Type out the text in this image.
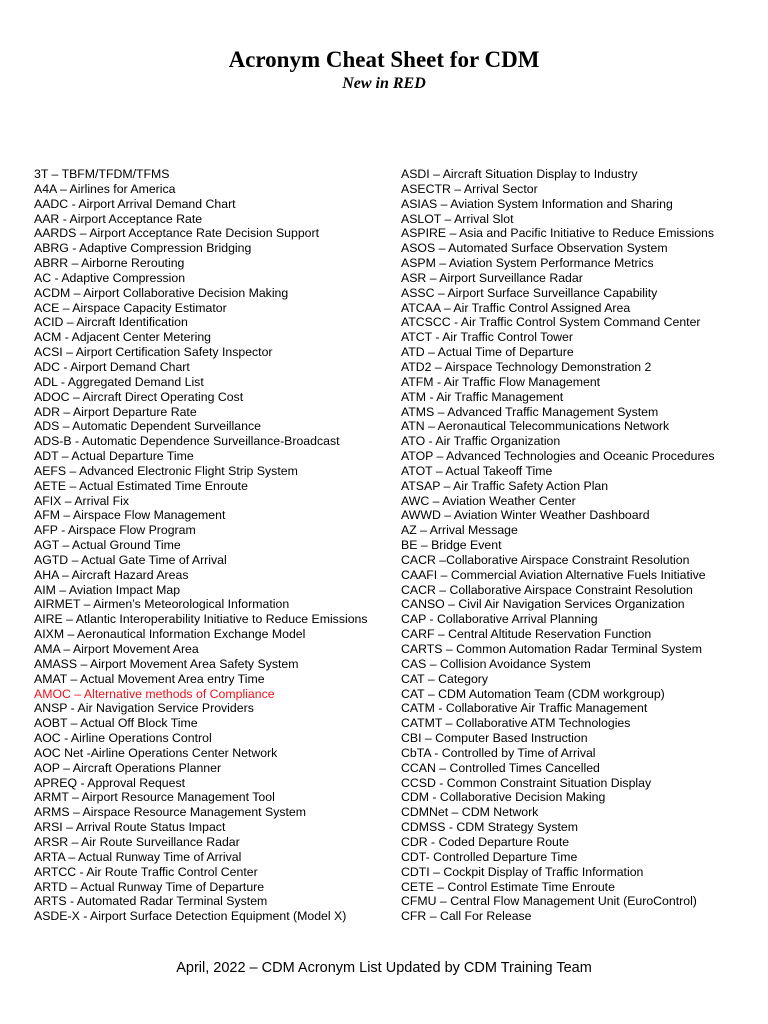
Acronym Cheat Sheet for CDM
New in RED

3T – TBFM/TFDM/TFMS

A4A – Airlines for America

AADC - Airport Arrival Demand Chart

AAR - Airport Acceptance Rate

AARDS – Airport Acceptance Rate Decision Support

ABRG - Adaptive Compression Bridging

ABRR – Airborne Rerouting

AC - Adaptive Compression

ACDM – Airport Collaborative Decision Making

ACE – Airspace Capacity Estimator

ACID – Aircraft Identification

ACM - Adjacent Center Metering

ACSI – Airport Certification Safety Inspector

ADC - Airport Demand Chart

ADL - Aggregated Demand List

ADOC – Aircraft Direct Operating Cost

ADR – Airport Departure Rate

ADS – Automatic Dependent Surveillance

ADS-B - Automatic Dependence Surveillance-Broadcast

ADT – Actual Departure Time

AEFS – Advanced Electronic Flight Strip System

AETE – Actual Estimated Time Enroute

AFIX – Arrival Fix

AFM – Airspace Flow Management

AFP - Airspace Flow Program

AGT – Actual Ground Time

AGTD – Actual Gate Time of Arrival

AHA – Aircraft Hazard Areas

AIM – Aviation Impact Map

AIRMET – Airmen’s Meteorological Information

AIRE – Atlantic Interoperability Initiative to Reduce Emissions

AIXM – Aeronautical Information Exchange Model

AMA – Airport Movement Area

AMASS – Airport Movement Area Safety System

AMAT – Actual Movement Area entry Time

AMOC – Alternative methods of Compliance

ANSP - Air Navigation Service Providers

AOBT – Actual Off Block Time

AOC - Airline Operations Control

AOC Net -Airline Operations Center Network

AOP – Aircraft Operations Planner

APREQ - Approval Request

ARMT – Airport Resource Management Tool

ARMS – Airspace Resource Management System

ARSI – Arrival Route Status Impact

ARSR – Air Route Surveillance Radar

ARTA – Actual Runway Time of Arrival

ARTCC - Air Route Traffic Control Center

ARTD – Actual Runway Time of Departure

ARTS - Automated Radar Terminal System

ASDE-X - Airport Surface Detection Equipment (Model X)

ASDI – Aircraft Situation Display to Industry

ASECTR – Arrival Sector

ASIAS – Aviation System Information and Sharing

ASLOT – Arrival Slot

ASPIRE – Asia and Pacific Initiative to Reduce Emissions

ASOS – Automated Surface Observation System

ASPM – Aviation System Performance Metrics

ASR – Airport Surveillance Radar

ASSC – Airport Surface Surveillance Capability

ATCAA – Air Traffic Control Assigned Area

ATCSCC - Air Traffic Control System Command Center

ATCT - Air Traffic Control Tower

ATD – Actual Time of Departure

ATD2 – Airspace Technology Demonstration 2

ATFM - Air Traffic Flow Management

ATM - Air Traffic Management

ATMS – Advanced Traffic Management System

ATN – Aeronautical Telecommunications Network

ATO - Air Traffic Organization

ATOP – Advanced Technologies and Oceanic Procedures

ATOT – Actual Takeoff Time

ATSAP – Air Traffic Safety Action Plan

AWC – Aviation Weather Center

AWWD – Aviation Winter Weather Dashboard

AZ – Arrival Message

BE – Bridge Event

CACR –Collaborative Airspace Constraint Resolution

CAAFI – Commercial Aviation Alternative Fuels Initiative

CACR – Collaborative Airspace Constraint Resolution

CANSO – Civil Air Navigation Services Organization

CAP - Collaborative Arrival Planning

CARF – Central Altitude Reservation Function

CARTS – Common Automation Radar Terminal System

CAS – Collision Avoidance System

CAT – Category

CAT – CDM Automation Team (CDM workgroup)

CATM - Collaborative Air Traffic Management

CATMT – Collaborative ATM Technologies

CBI – Computer Based Instruction

CbTA - Controlled by Time of Arrival

CCAN – Controlled Times Cancelled

CCSD - Common Constraint Situation Display

CDM - Collaborative Decision Making

CDMNet – CDM Network

CDMSS - CDM Strategy System

CDR - Coded Departure Route

CDT- Controlled Departure Time

CDTI – Cockpit Display of Traffic Information

CETE – Control Estimate Time Enroute

CFMU – Central Flow Management Unit (EuroControl)

CFR – Call For Release

April, 2022 – CDM Acronym List Updated by CDM Training Team
